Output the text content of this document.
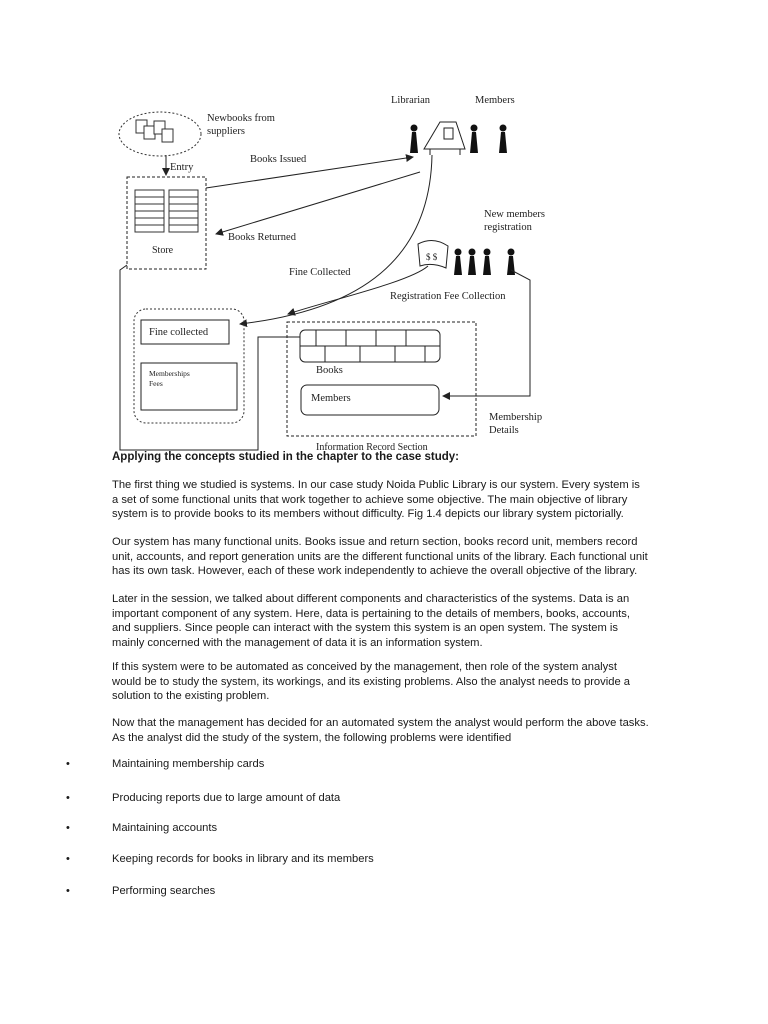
Newbooks from
suppliers
Entry
Store
Books Issued
Books Returned
Librarian	Members
New members
registration
$ $
Fine Collected
Registration Fee Collection
Fine collected
Memberships
Fees
Books
Members
Information Record Section
Membership
Details
Applying the concepts studied in the chapter to the case study:
The first thing we studied is systems. In our case study Noida Public Library is our system. Every system is
a set of some functional units that work together to achieve some objective. The main objective of library
system is to provide books to its members without difficulty. Fig 1.4 depicts our library system pictorially.
Our system has many functional units. Books issue and return section, books record unit, members record
unit, accounts, and report generation units are the different functional units of the library. Each functional unit
has its own task. However, each of these work independently to achieve the overall objective of the library.
Later in the session, we talked about different components and characteristics of the systems. Data is an
important component of any system. Here, data is pertaining to the details of members, books, accounts,
and suppliers. Since people can interact with the system this system is an open system. The system is
mainly concerned with the management of data it is an information system.
If this system were to be automated as conceived by the management, then role of the system analyst
would be to study the system, its workings, and its existing problems. Also the analyst needs to provide a
solution to the existing problem.
Now that the management has decided for an automated system the analyst would perform the above tasks.
As the analyst did the study of the system, the following problems were identified
•	Maintaining membership cards
•	Producing reports due to large amount of data
•	Maintaining accounts
•	Keeping records for books in library and its members
•	Performing searches
